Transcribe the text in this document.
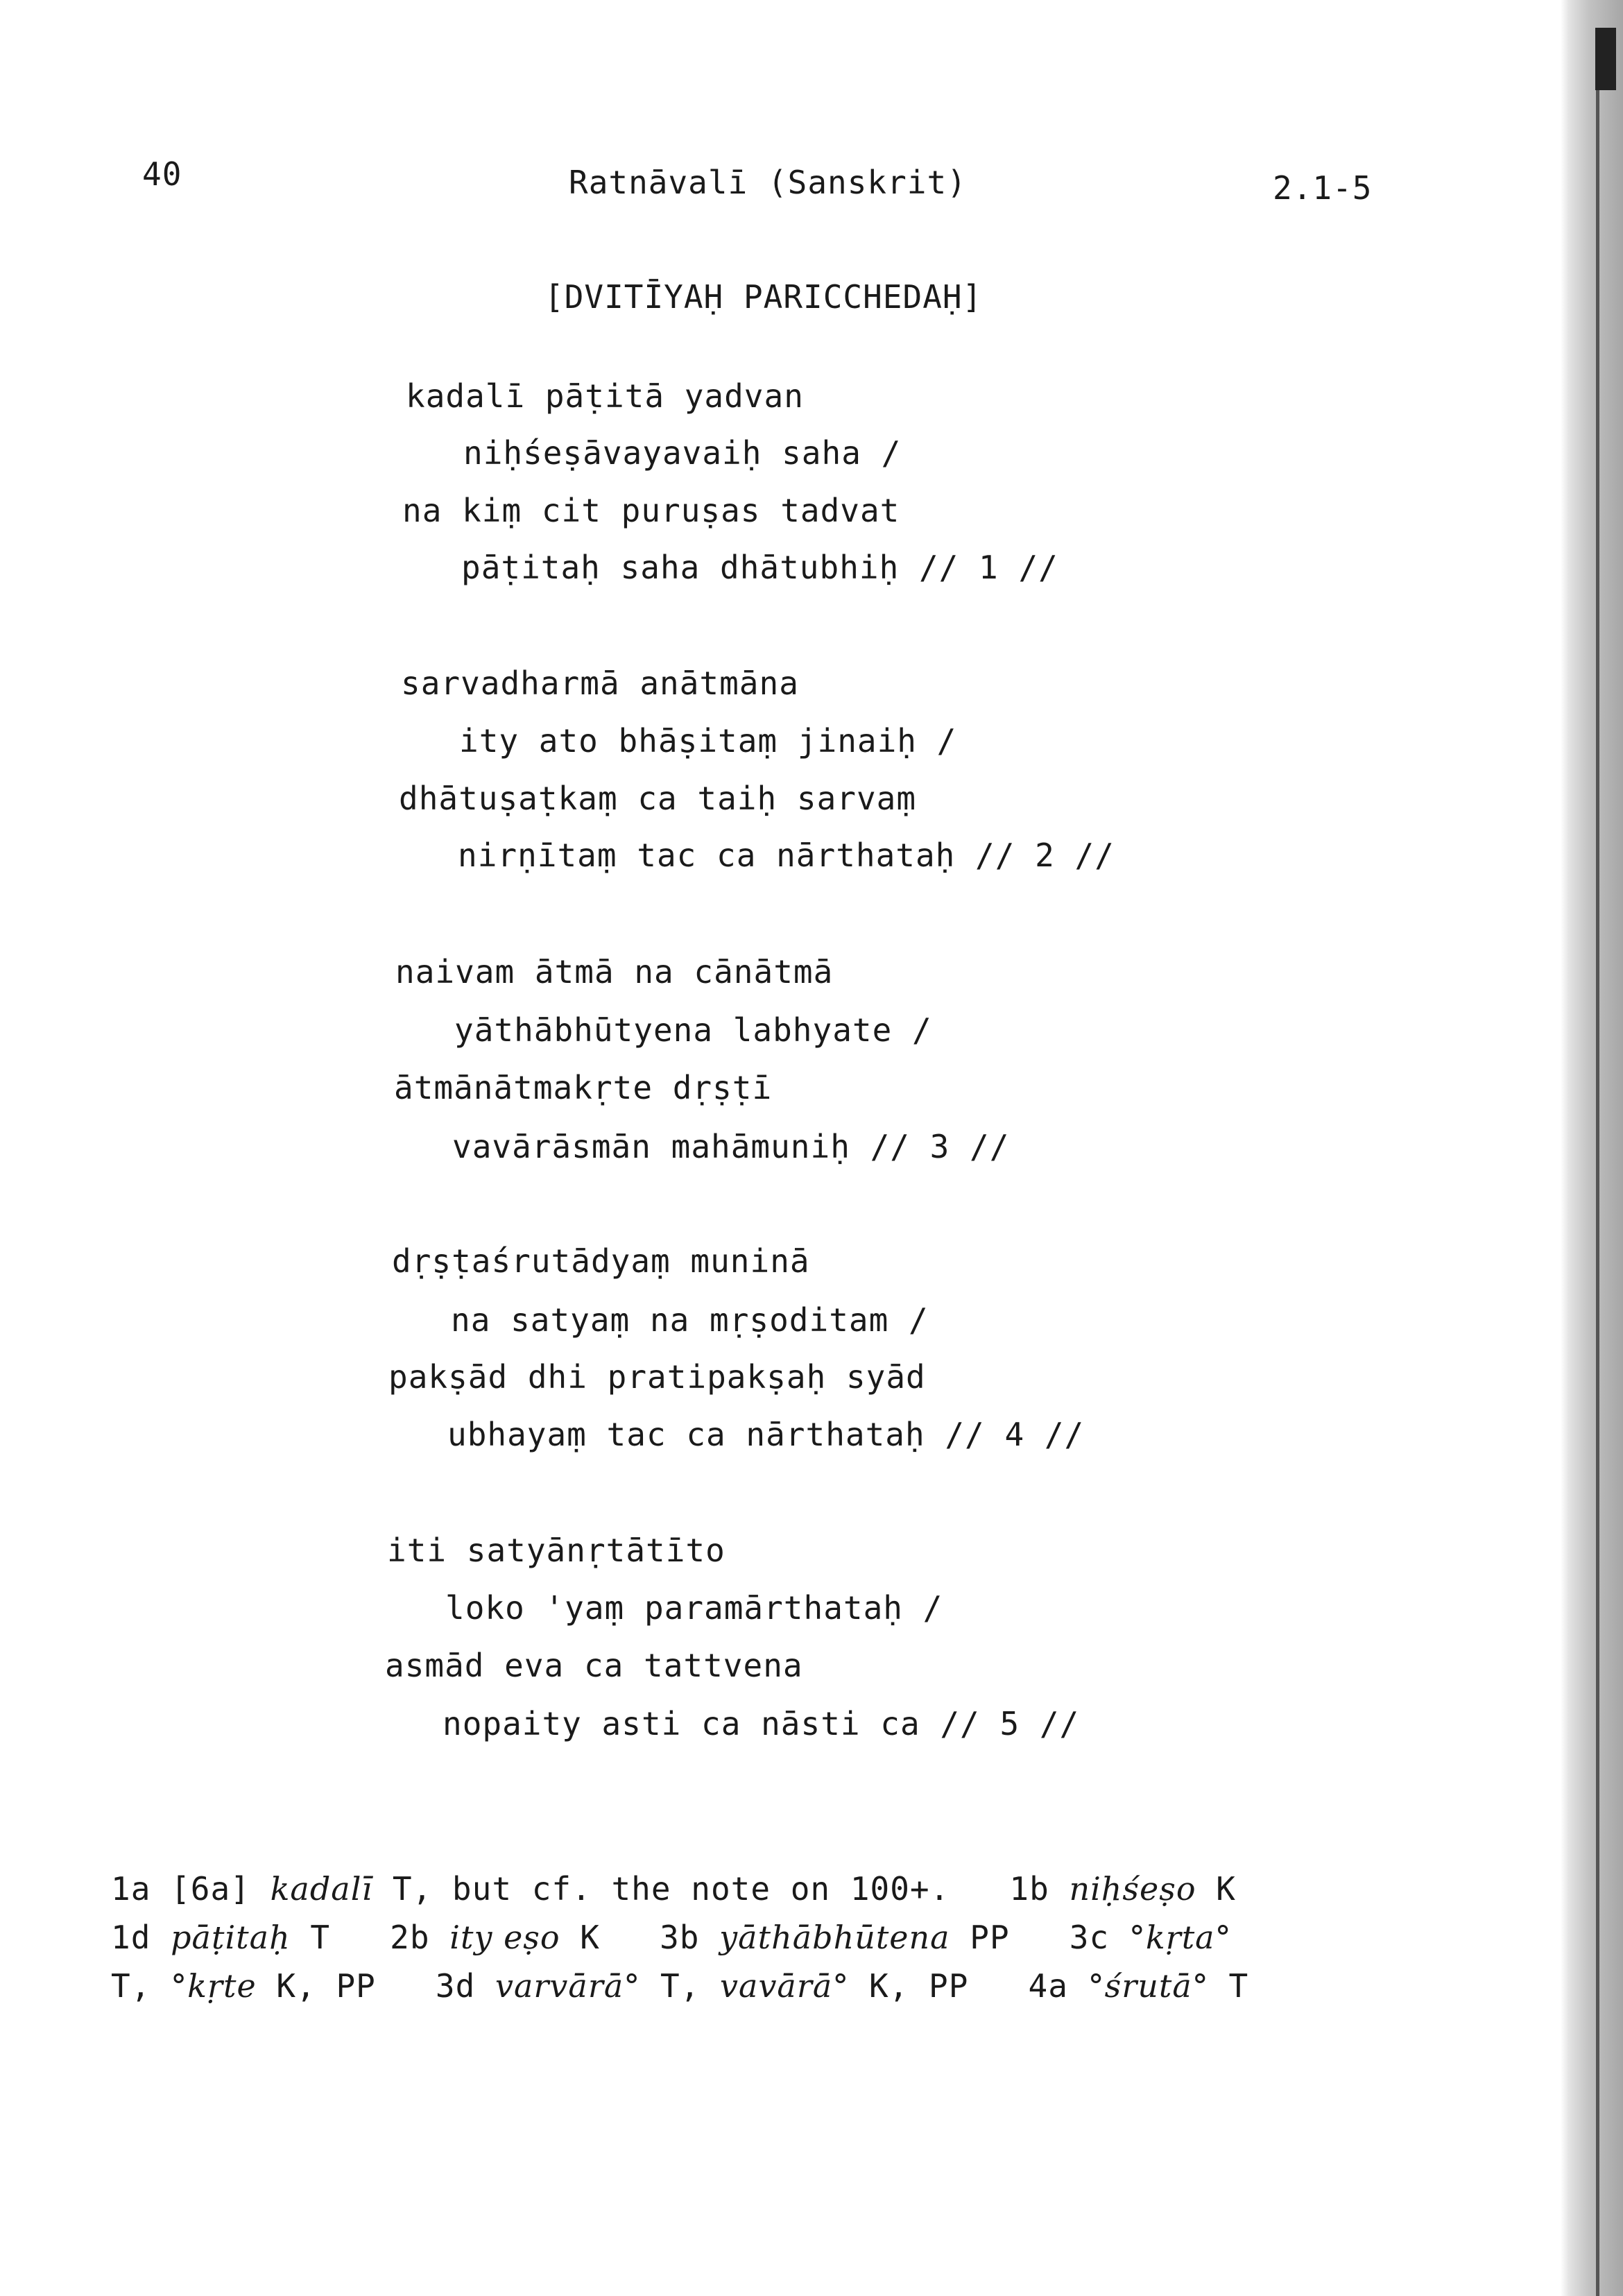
40	Ratnāvalī (Sanskrit)	2.1-5
[DVITĪYAḤ PARICCHEDAḤ]
kadalī pāṭitā yadvan
niḥśeṣāvayavaiḥ saha /
na kiṃ cit puruṣas tadvat
pāṭitaḥ saha dhātubhiḥ // 1 //
sarvadharmā anātmāna
ity ato bhāṣitaṃ jinaiḥ /
dhātuṣaṭkaṃ ca taiḥ sarvaṃ
nirṇītaṃ tac ca nārthataḥ // 2 //
naivam ātmā na cānātmā
yāthābhūtyena labhyate /
ātmānātmakṛte dṛṣṭī
vavārāsmān mahāmuniḥ // 3 //
dṛṣṭaśrutādyaṃ muninā
na satyaṃ na mṛṣoditam /
pakṣād dhi pratipakṣaḥ syād
ubhayaṃ tac ca nārthataḥ // 4 //
iti satyānṛtātīto
loko 'yaṃ paramārthataḥ /
asmād eva ca tattvena
nopaity asti ca nāsti ca // 5 //
1a [6a] kadalī T, but cf. the note on 100+.   1b niḥśeṣo K
1d pāṭitaḥ T   2b ity eṣo K   3b yāthābhūtena PP   3c °kṛta°
T, °kṛte K, PP   3d varvārā° T, vavārā° K, PP   4a °śrutā° T
